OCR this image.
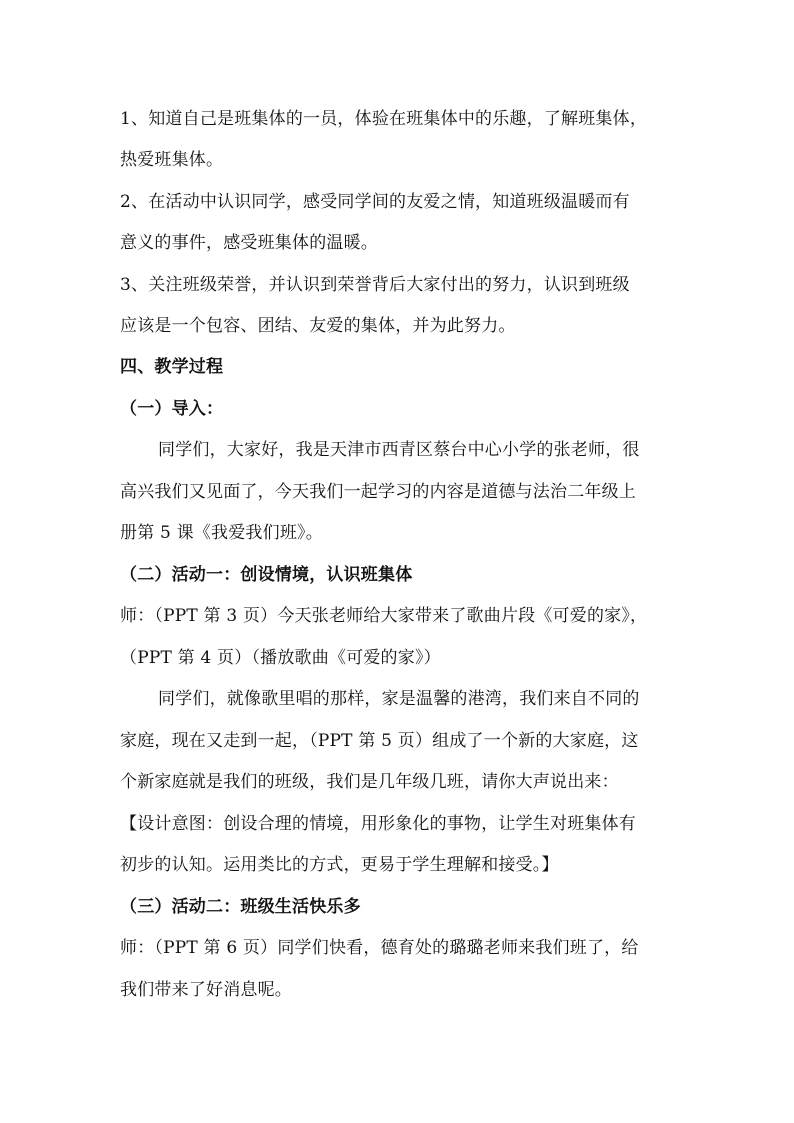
1、知道自己是班集体的一员，体验在班集体中的乐趣，了解班集体，
热爱班集体。
2、在活动中认识同学，感受同学间的友爱之情，知道班级温暖而有
意义的事件，感受班集体的温暖。
3、关注班级荣誉，并认识到荣誉背后大家付出的努力，认识到班级
应该是一个包容、团结、友爱的集体，并为此努力。
四、教学过程
（一）导入：
同学们，大家好，我是天津市西青区蔡台中心小学的张老师，很
高兴我们又见面了，今天我们一起学习的内容是道德与法治二年级上
册第 5 课《我爱我们班》。
（二）活动一：创设情境，认识班集体
师：（PPT 第 3 页）今天张老师给大家带来了歌曲片段《可爱的家》，
（PPT 第 4 页）（播放歌曲《可爱的家》）
同学们，就像歌里唱的那样，家是温馨的港湾，我们来自不同的
家庭，现在又走到一起，（PPT 第 5 页）组成了一个新的大家庭，这
个新家庭就是我们的班级，我们是几年级几班，请你大声说出来：
【设计意图：创设合理的情境，用形象化的事物，让学生对班集体有
初步的认知。运用类比的方式，更易于学生理解和接受。】
（三）活动二：班级生活快乐多
师：（PPT 第 6 页）同学们快看，德育处的璐璐老师来我们班了，给
我们带来了好消息呢。
